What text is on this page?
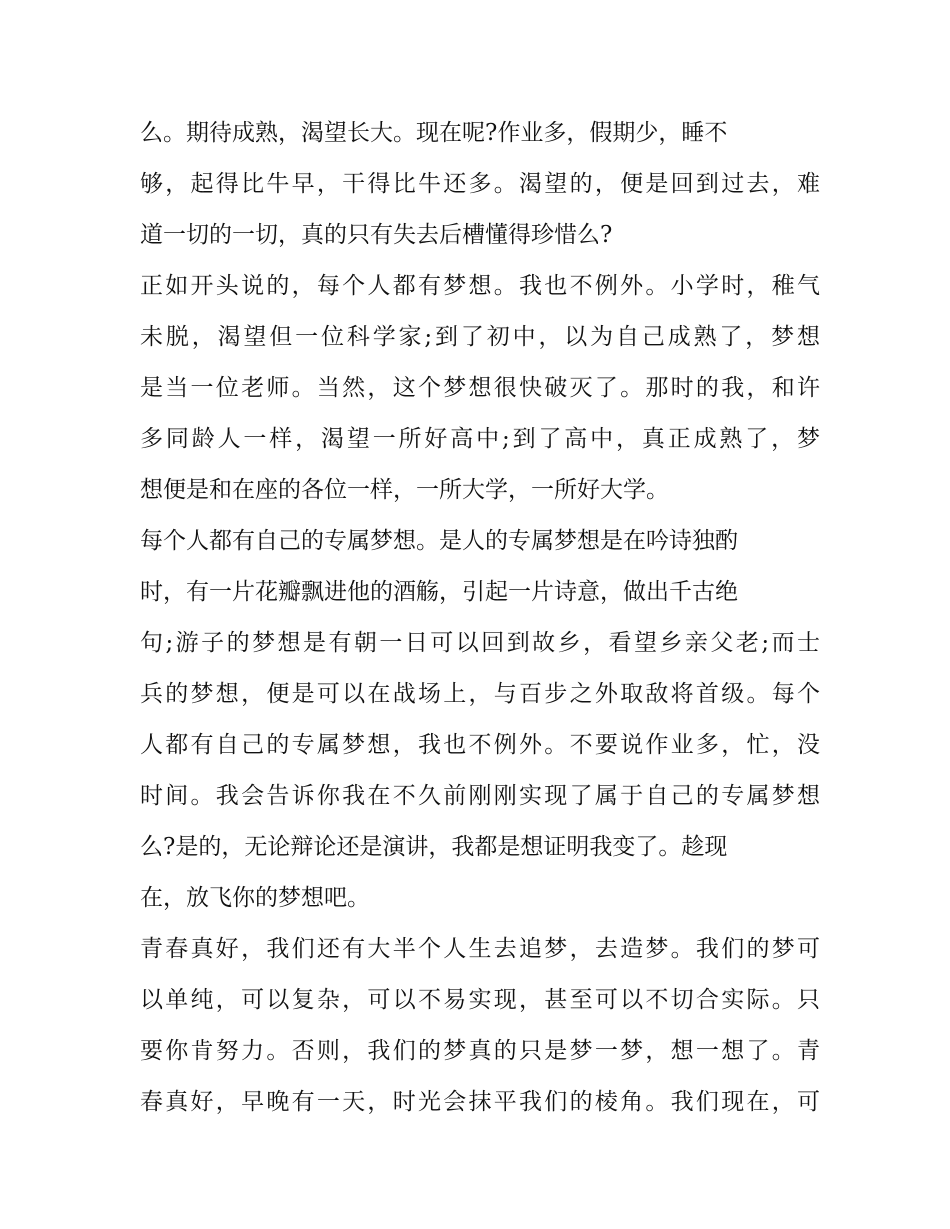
么。期待成熟，渴望长大。现在呢?作业多，假期少，睡不
够，起得比牛早，干得比牛还多。渴望的，便是回到过去，难
道一切的一切，真的只有失去后槽懂得珍惜么?
正如开头说的，每个人都有梦想。我也不例外。小学时，稚气
未脱，渴望但一位科学家;到了初中，以为自己成熟了，梦想
是当一位老师。当然，这个梦想很快破灭了。那时的我，和许
多同龄人一样，渴望一所好高中;到了高中，真正成熟了，梦
想便是和在座的各位一样，一所大学，一所好大学。
每个人都有自己的专属梦想。是人的专属梦想是在吟诗独酌
时，有一片花瓣飘进他的酒觞，引起一片诗意，做出千古绝
句;游子的梦想是有朝一日可以回到故乡，看望乡亲父老;而士
兵的梦想，便是可以在战场上，与百步之外取敌将首级。每个
人都有自己的专属梦想，我也不例外。不要说作业多，忙，没
时间。我会告诉你我在不久前刚刚实现了属于自己的专属梦想
么?是的，无论辩论还是演讲，我都是想证明我变了。趁现
在，放飞你的梦想吧。
青春真好，我们还有大半个人生去追梦，去造梦。我们的梦可
以单纯，可以复杂，可以不易实现，甚至可以不切合实际。只
要你肯努力。否则，我们的梦真的只是梦一梦，想一想了。青
春真好，早晚有一天，时光会抹平我们的棱角。我们现在，可
